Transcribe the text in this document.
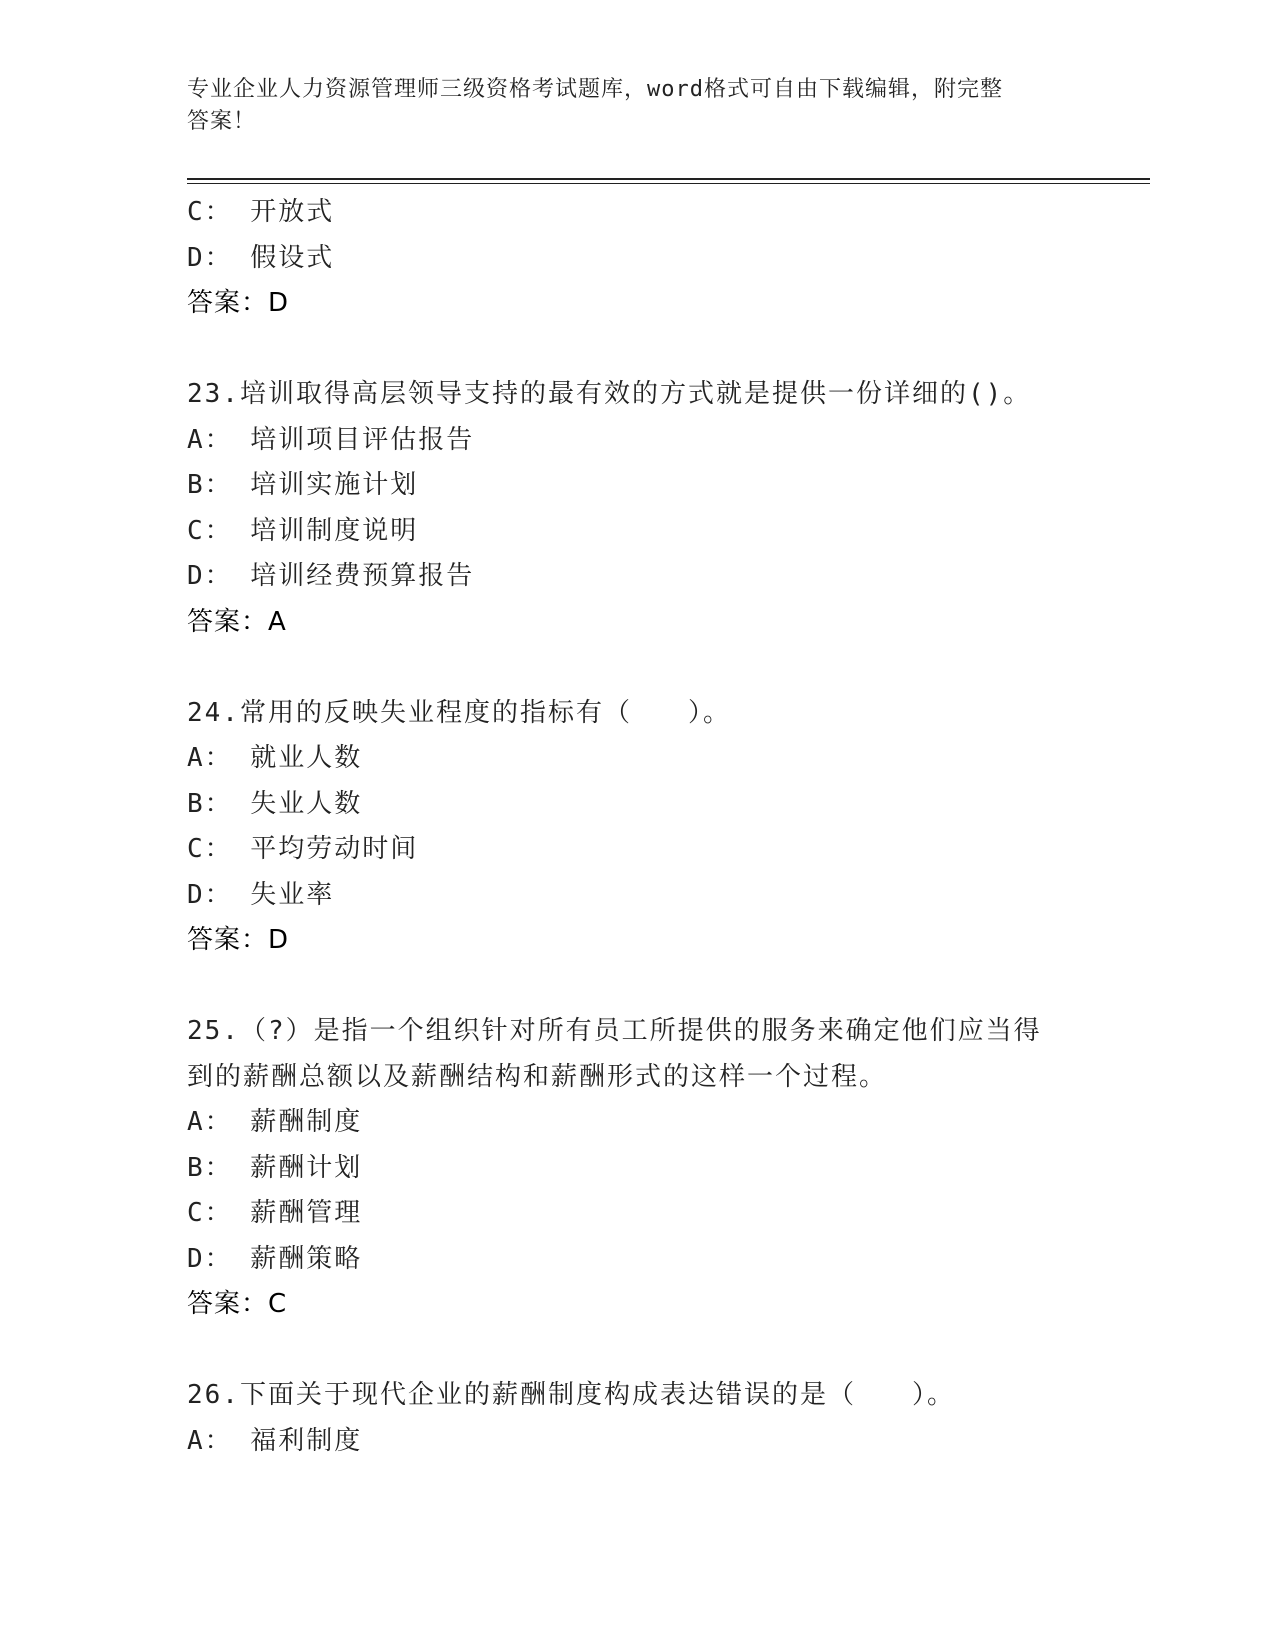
专业企业人力资源管理师三级资格考试题库，word格式可自由下载编辑，附完整
答案！
C： 开放式
D： 假设式
答案：D
23.培训取得高层领导支持的最有效的方式就是提供一份详细的()。
A： 培训项目评估报告
B： 培训实施计划
C： 培训制度说明
D： 培训经费预算报告
答案：A
24.常用的反映失业程度的指标有（　　）。
A： 就业人数
B： 失业人数
C： 平均劳动时间
D： 失业率
答案：D
25.（?）是指一个组织针对所有员工所提供的服务来确定他们应当得
到的薪酬总额以及薪酬结构和薪酬形式的这样一个过程。
A： 薪酬制度
B： 薪酬计划
C： 薪酬管理
D： 薪酬策略
答案：C
26.下面关于现代企业的薪酬制度构成表达错误的是（　　）。
A： 福利制度
